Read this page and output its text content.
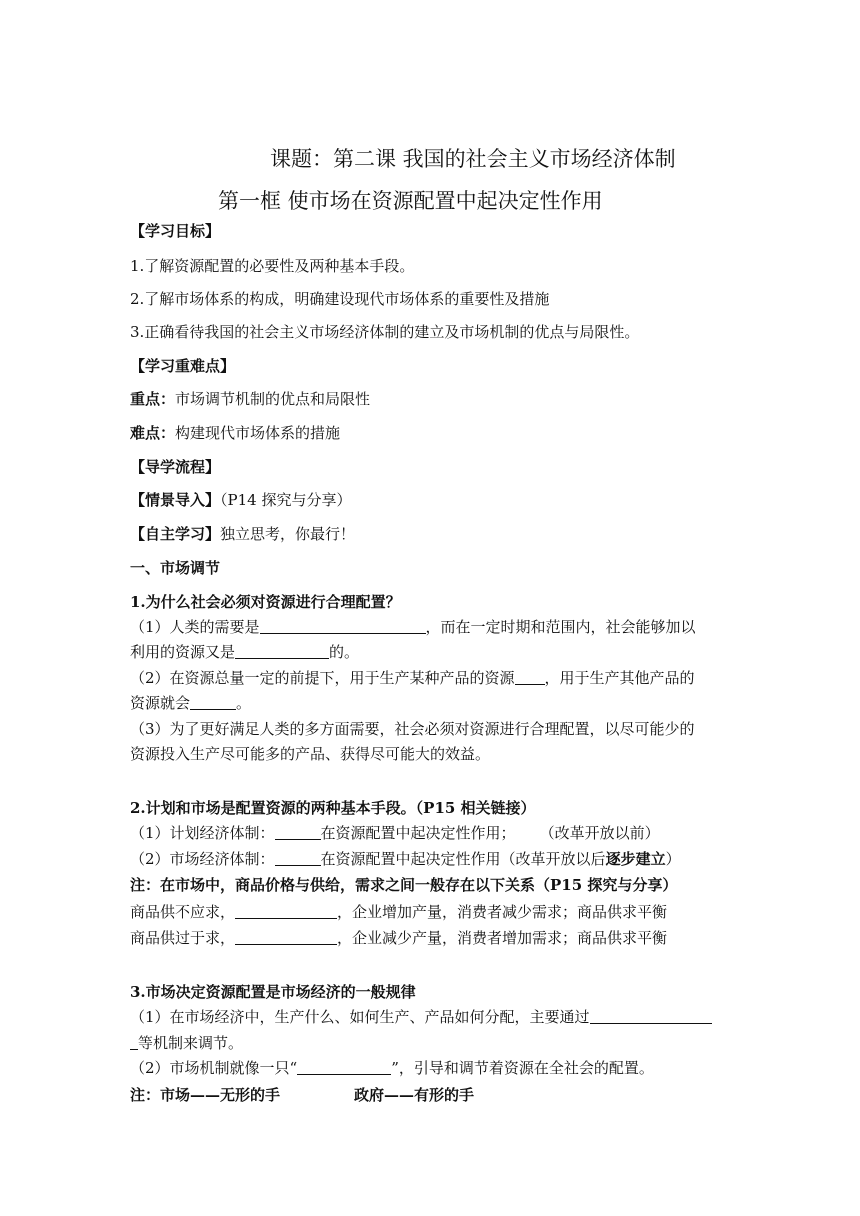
课题：第二课 我国的社会主义市场经济体制
第一框 使市场在资源配置中起决定性作用
【学习目标】
1.了解资源配置的必要性及两种基本手段。
2.了解市场体系的构成，明确建设现代市场体系的重要性及措施
3.正确看待我国的社会主义市场经济体制的建立及市场机制的优点与局限性。
【学习重难点】
重点：市场调节机制的优点和局限性
难点：构建现代市场体系的措施
【导学流程】
【情景导入】（P14 探究与分享）
【自主学习】独立思考，你最行！
一、市场调节
1.为什么社会必须对资源进行合理配置？
（1）人类的需要是	，而在一定时期和范围内，社会能够加以
利用的资源又是	的。
（2）在资源总量一定的前提下，用于生产某种产品的资源 ，用于生产其他产品的
资源就会	。
（3）为了更好满足人类的多方面需要，社会必须对资源进行合理配置，以尽可能少的
资源投入生产尽可能多的产品、获得尽可能大的效益。
2.计划和市场是配置资源的两种基本手段。（P15 相关链接）
（1）计划经济体制：	在资源配置中起决定性作用； （改革开放以前）
（2）市场经济体制：	在资源配置中起决定性作用（改革开放以后逐步建立）
注：在市场中，商品价格与供给，需求之间一般存在以下关系（P15 探究与分享）
商品供不应求，	，企业增加产量，消费者减少需求；商品供求平衡
商品供过于求，	，企业减少产量，消费者增加需求；商品供求平衡
3.市场决定资源配置是市场经济的一般规律
（1）在市场经济中，生产什么、如何生产、产品如何分配，主要通过
等机制来调节。
（2）市场机制就像一只“	”，引导和调节着资源在全社会的配置。
注：市场——无形的手	政府——有形的手
